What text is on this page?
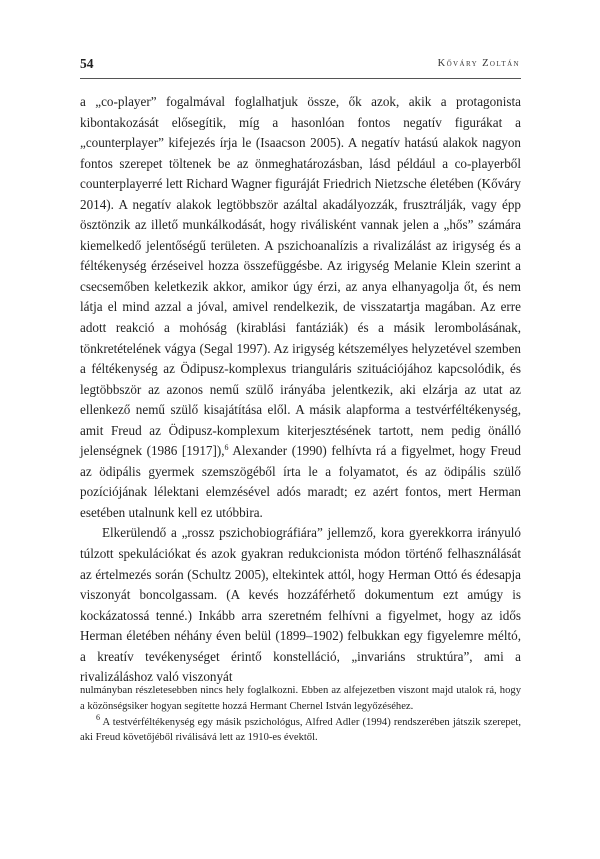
54	Kőváry Zoltán

a „co-player” fogalmával foglalhatjuk össze, ők azok, akik a protagonista kibontakozását elősegítik, míg a hasonlóan fontos negatív figurákat a „counterplayer” kifejezés írja le (Isaacson 2005). A negatív hatású alakok nagyon fontos szerepet töltenek be az önmeghatározásban, lásd például a co-playerből counterplayerré lett Richard Wagner figuráját Friedrich Nietzsche életében (Kőváry 2014). A negatív alakok legtöbbször azáltal akadályozzák, frusztrálják, vagy épp ösztönzik az illető munkálkodását, hogy riválisként vannak jelen a „hős” számára kiemelkedő jelentőségű területen. A pszichoanalízis a rivalizálást az irigység és a féltékenység érzéseivel hozza összefüggésbe. Az irigység Melanie Klein szerint a csecsemőben keletkezik akkor, amikor úgy érzi, az anya elhanyagolja őt, és nem látja el mind azzal a jóval, amivel rendelkezik, de visszatartja magában. Az erre adott reakció a mohóság (kirablási fantáziák) és a másik lerombolásának, tönkretételének vágya (Segal 1997). Az irigység kétszemélyes helyzetével szemben a féltékenység az Ödipusz-komplexus trianguláris szituációjához kapcsolódik, és legtöbbször az azonos nemű szülő irányába jelentkezik, aki elzárja az utat az ellenkező nemű szülő kisajátítása elől. A másik alapforma a testvérféltékenység, amit Freud az Ödipusz-komplexum kiterjesztésének tartott, nem pedig önálló jelenségnek (1986 [1917]),$^6$ Alexander (1990) felhívta rá a figyelmet, hogy Freud az ödipális gyermek szemszögéből írta le a folyamatot, és az ödipális szülő pozíciójának lélektani elemzésével adós maradt; ez azért fontos, mert Herman esetében utalnunk kell ez utóbbira.

Elkerülendő a „rossz pszichobiográfiára” jellemző, kora gyerekkorra irányuló túlzott spekulációkat és azok gyakran redukcionista módon történő felhasználását az értelmezés során (Schultz 2005), eltekintek attól, hogy Herman Ottó és édesapja viszonyát boncolgassam. (A kevés hozzáférhető dokumentum ezt amúgy is kockázatossá tenné.) Inkább arra szeretném felhívni a figyelmet, hogy az idős Herman életében néhány éven belül (1899–1902) felbukkan egy figyelemre méltó, a kreatív tevékenységet érintő konstelláció, „invariáns struktúra”, ami a rivalizáláshoz való viszonyát

nulmányban részletesebben nincs hely foglalkozni. Ebben az alfejezetben viszont majd utalok rá, hogy a közönségsiker hogyan segítette hozzá Hermant Chernel István legyőzéséhez.

$^6$ A testvérféltékenység egy másik pszichológus, Alfred Adler (1994) rendszerében játszik szerepet, aki Freud követőjéből riválisává lett az 1910-es évektől.
